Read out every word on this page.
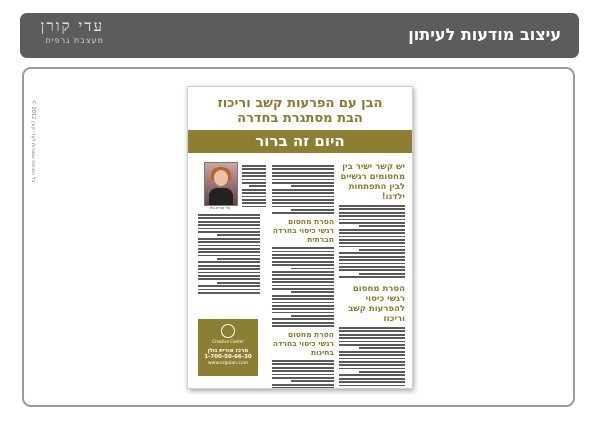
עיצוב מודעות לעיתון
עדי קורן
מעצבת גרפית
© כל הזכויות שמורות לעדי קורן 2012
הבן עם הפרעות קשב וריכוז
הבת מסתגרת בחדרה
היום זה ברור
יש קשר ישיר בין מחסומים רגשיים לבין התפתחות ילדנו!
הסרת מחסום רגשי כיסוי להפרעות קשב וריכוז
הסרת מחסום רגשי כיסוי בחרדה חברתית
הסרת מחסום רגשי כיסוי בחרדה בחינות
עדי אורית גולן
Creative Center
מרכז אורית גולן
1-700-50-66-30
www.orgolan.com
